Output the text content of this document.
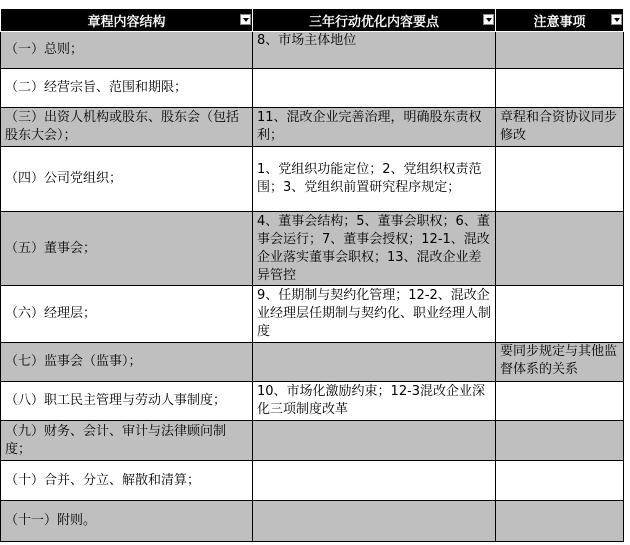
章程内容结构	三年行动优化内容要点	注意事项

（一）总则；	8、市场主体地位	

（二）经营宗旨、范围和期限；		

（三）出资人机构或股东、股东会（包括股东大会）；	11、混改企业完善治理，明确股东责权利；	章程和合资协议同步修改

（四）公司党组织；	1、党组织功能定位；2、党组织权责范围；3、党组织前置研究程序规定；	

（五）董事会；	4、董事会结构；5、董事会职权；6、董事会运行；7、董事会授权；12-1、混改企业落实董事会职权；13、混改企业差异管控	

（六）经理层；	9、任期制与契约化管理；12-2、混改企业经理层任期制与契约化、职业经理人制度	

（七）监事会（监事）；		要同步规定与其他监督体系的关系

（八）职工民主管理与劳动人事制度；	10、市场化激励约束；12-3混改企业深化三项制度改革	

（九）财务、会计、审计与法律顾问制度；		

（十）合并、分立、解散和清算；		

（十一）附则。		
